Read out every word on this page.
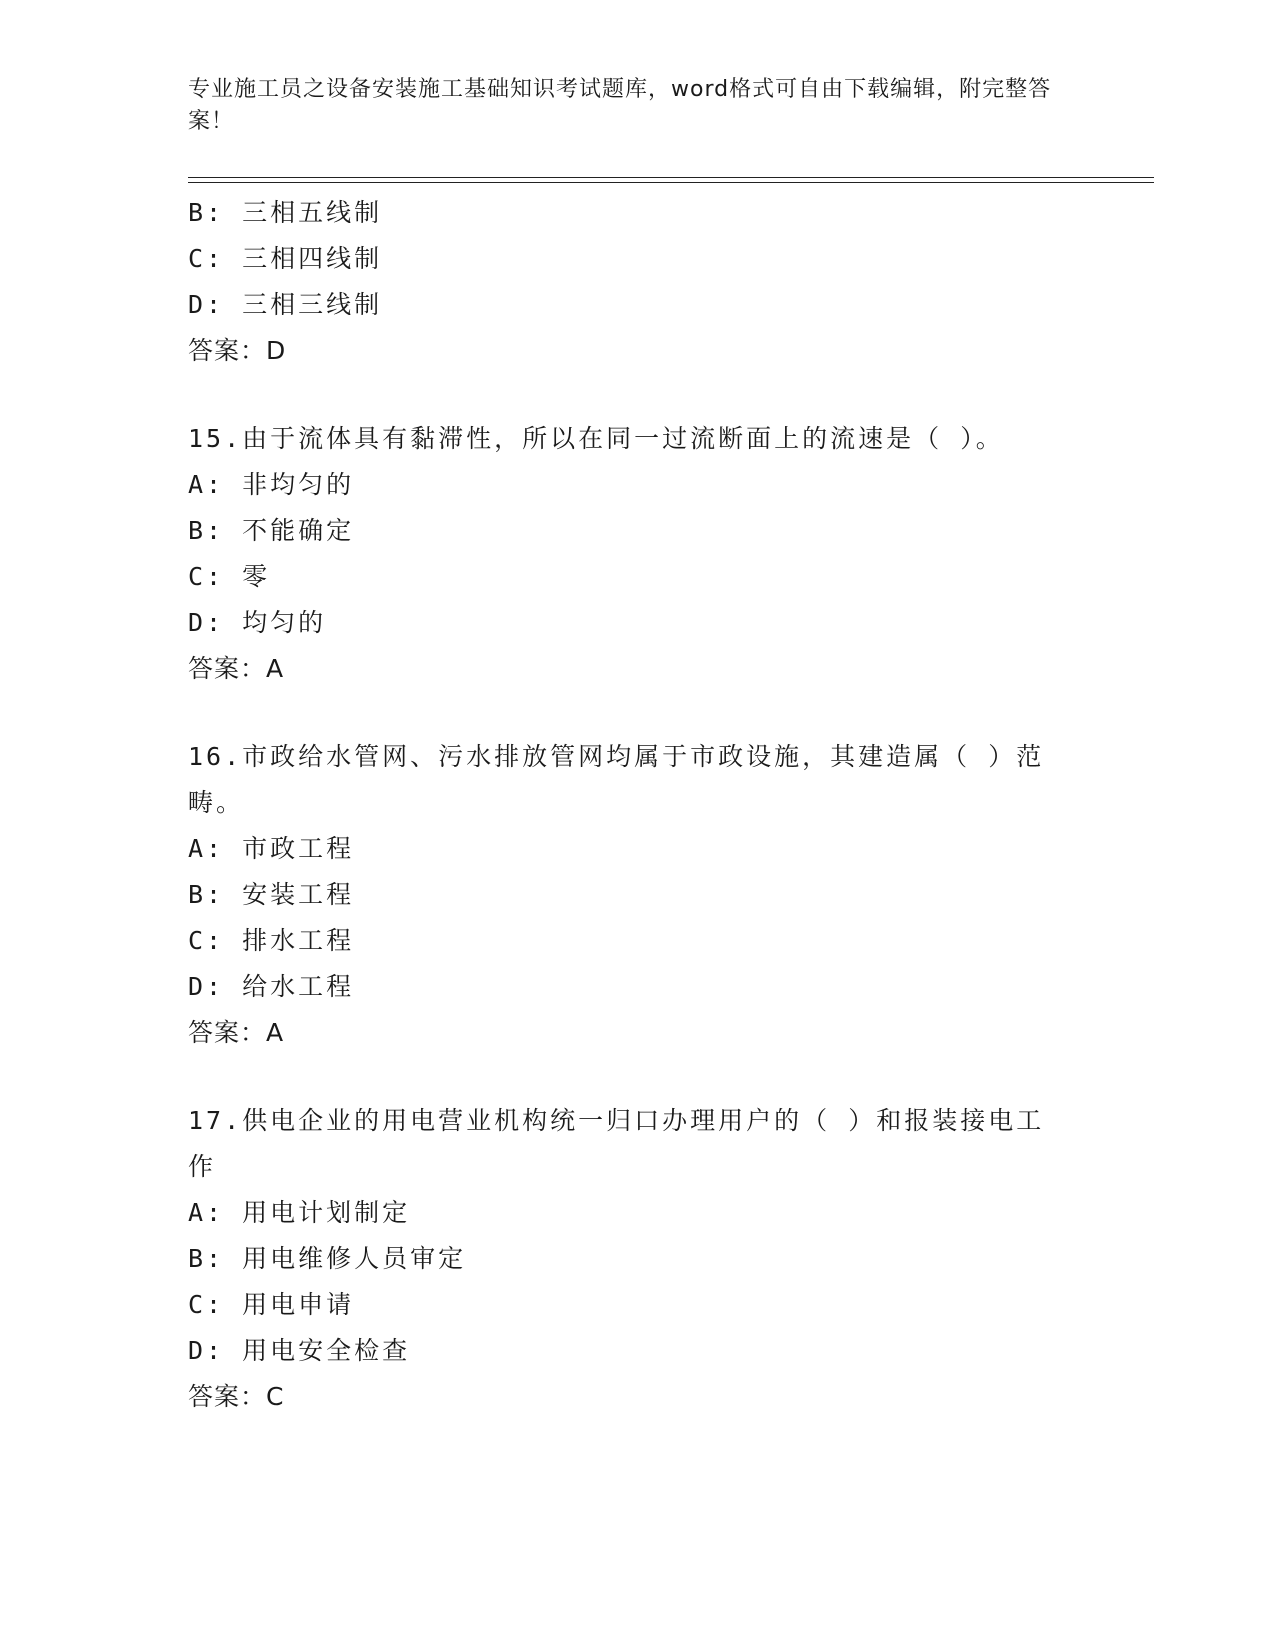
专业施工员之设备安装施工基础知识考试题库，word格式可自由下载编辑，附完整答案！
B: 三相五线制
C: 三相四线制
D: 三相三线制
答案：D
15.由于流体具有黏滞性，所以在同一过流断面上的流速是（ ）。
A: 非均匀的
B: 不能确定
C: 零
D: 均匀的
答案：A
16.市政给水管网、污水排放管网均属于市政设施，其建造属（ ）范畴。
A: 市政工程
B: 安装工程
C: 排水工程
D: 给水工程
答案：A
17.供电企业的用电营业机构统一归口办理用户的（ ）和报装接电工作
A: 用电计划制定
B: 用电维修人员审定
C: 用电申请
D: 用电安全检查
答案：C
